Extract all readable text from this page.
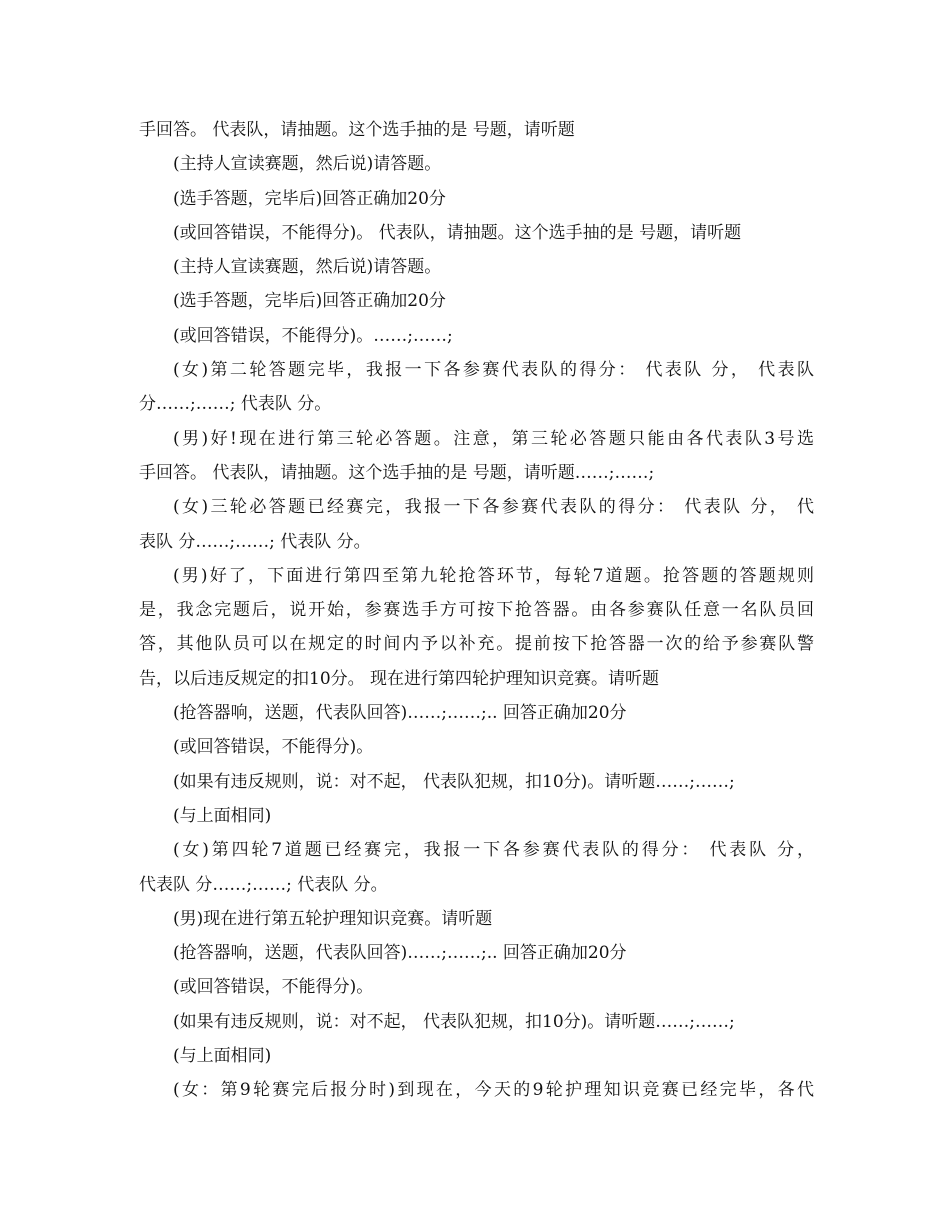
手回答。 代表队，请抽题。这个选手抽的是 号题，请听题
(主持人宣读赛题，然后说)请答题。
(选手答题，完毕后)回答正确加20分
(或回答错误，不能得分)。 代表队，请抽题。这个选手抽的是 号题，请听题
(主持人宣读赛题，然后说)请答题。
(选手答题，完毕后)回答正确加20分
(或回答错误，不能得分)。……;……;
(女)第二轮答题完毕，我报一下各参赛代表队的得分： 代表队 分， 代表队
分……;……; 代表队 分。
(男)好!现在进行第三轮必答题。注意，第三轮必答题只能由各代表队3号选
手回答。 代表队，请抽题。这个选手抽的是 号题，请听题……;……;
(女)三轮必答题已经赛完，我报一下各参赛代表队的得分： 代表队 分， 代
表队 分……;……; 代表队 分。
(男)好了，下面进行第四至第九轮抢答环节，每轮7道题。抢答题的答题规则
是，我念完题后，说开始，参赛选手方可按下抢答器。由各参赛队任意一名队员回
答，其他队员可以在规定的时间内予以补充。提前按下抢答器一次的给予参赛队警
告，以后违反规定的扣10分。 现在进行第四轮护理知识竞赛。请听题
(抢答器响，送题，代表队回答)……;……;.. 回答正确加20分
(或回答错误，不能得分)。
(如果有违反规则，说：对不起， 代表队犯规，扣10分)。请听题……;……;
(与上面相同)
(女)第四轮7道题已经赛完，我报一下各参赛代表队的得分： 代表队 分，
代表队 分……;……; 代表队 分。
(男)现在进行第五轮护理知识竞赛。请听题
(抢答器响，送题，代表队回答)……;……;.. 回答正确加20分
(或回答错误，不能得分)。
(如果有违反规则，说：对不起， 代表队犯规，扣10分)。请听题……;……;
(与上面相同)
(女：第9轮赛完后报分时)到现在，今天的9轮护理知识竞赛已经完毕，各代
